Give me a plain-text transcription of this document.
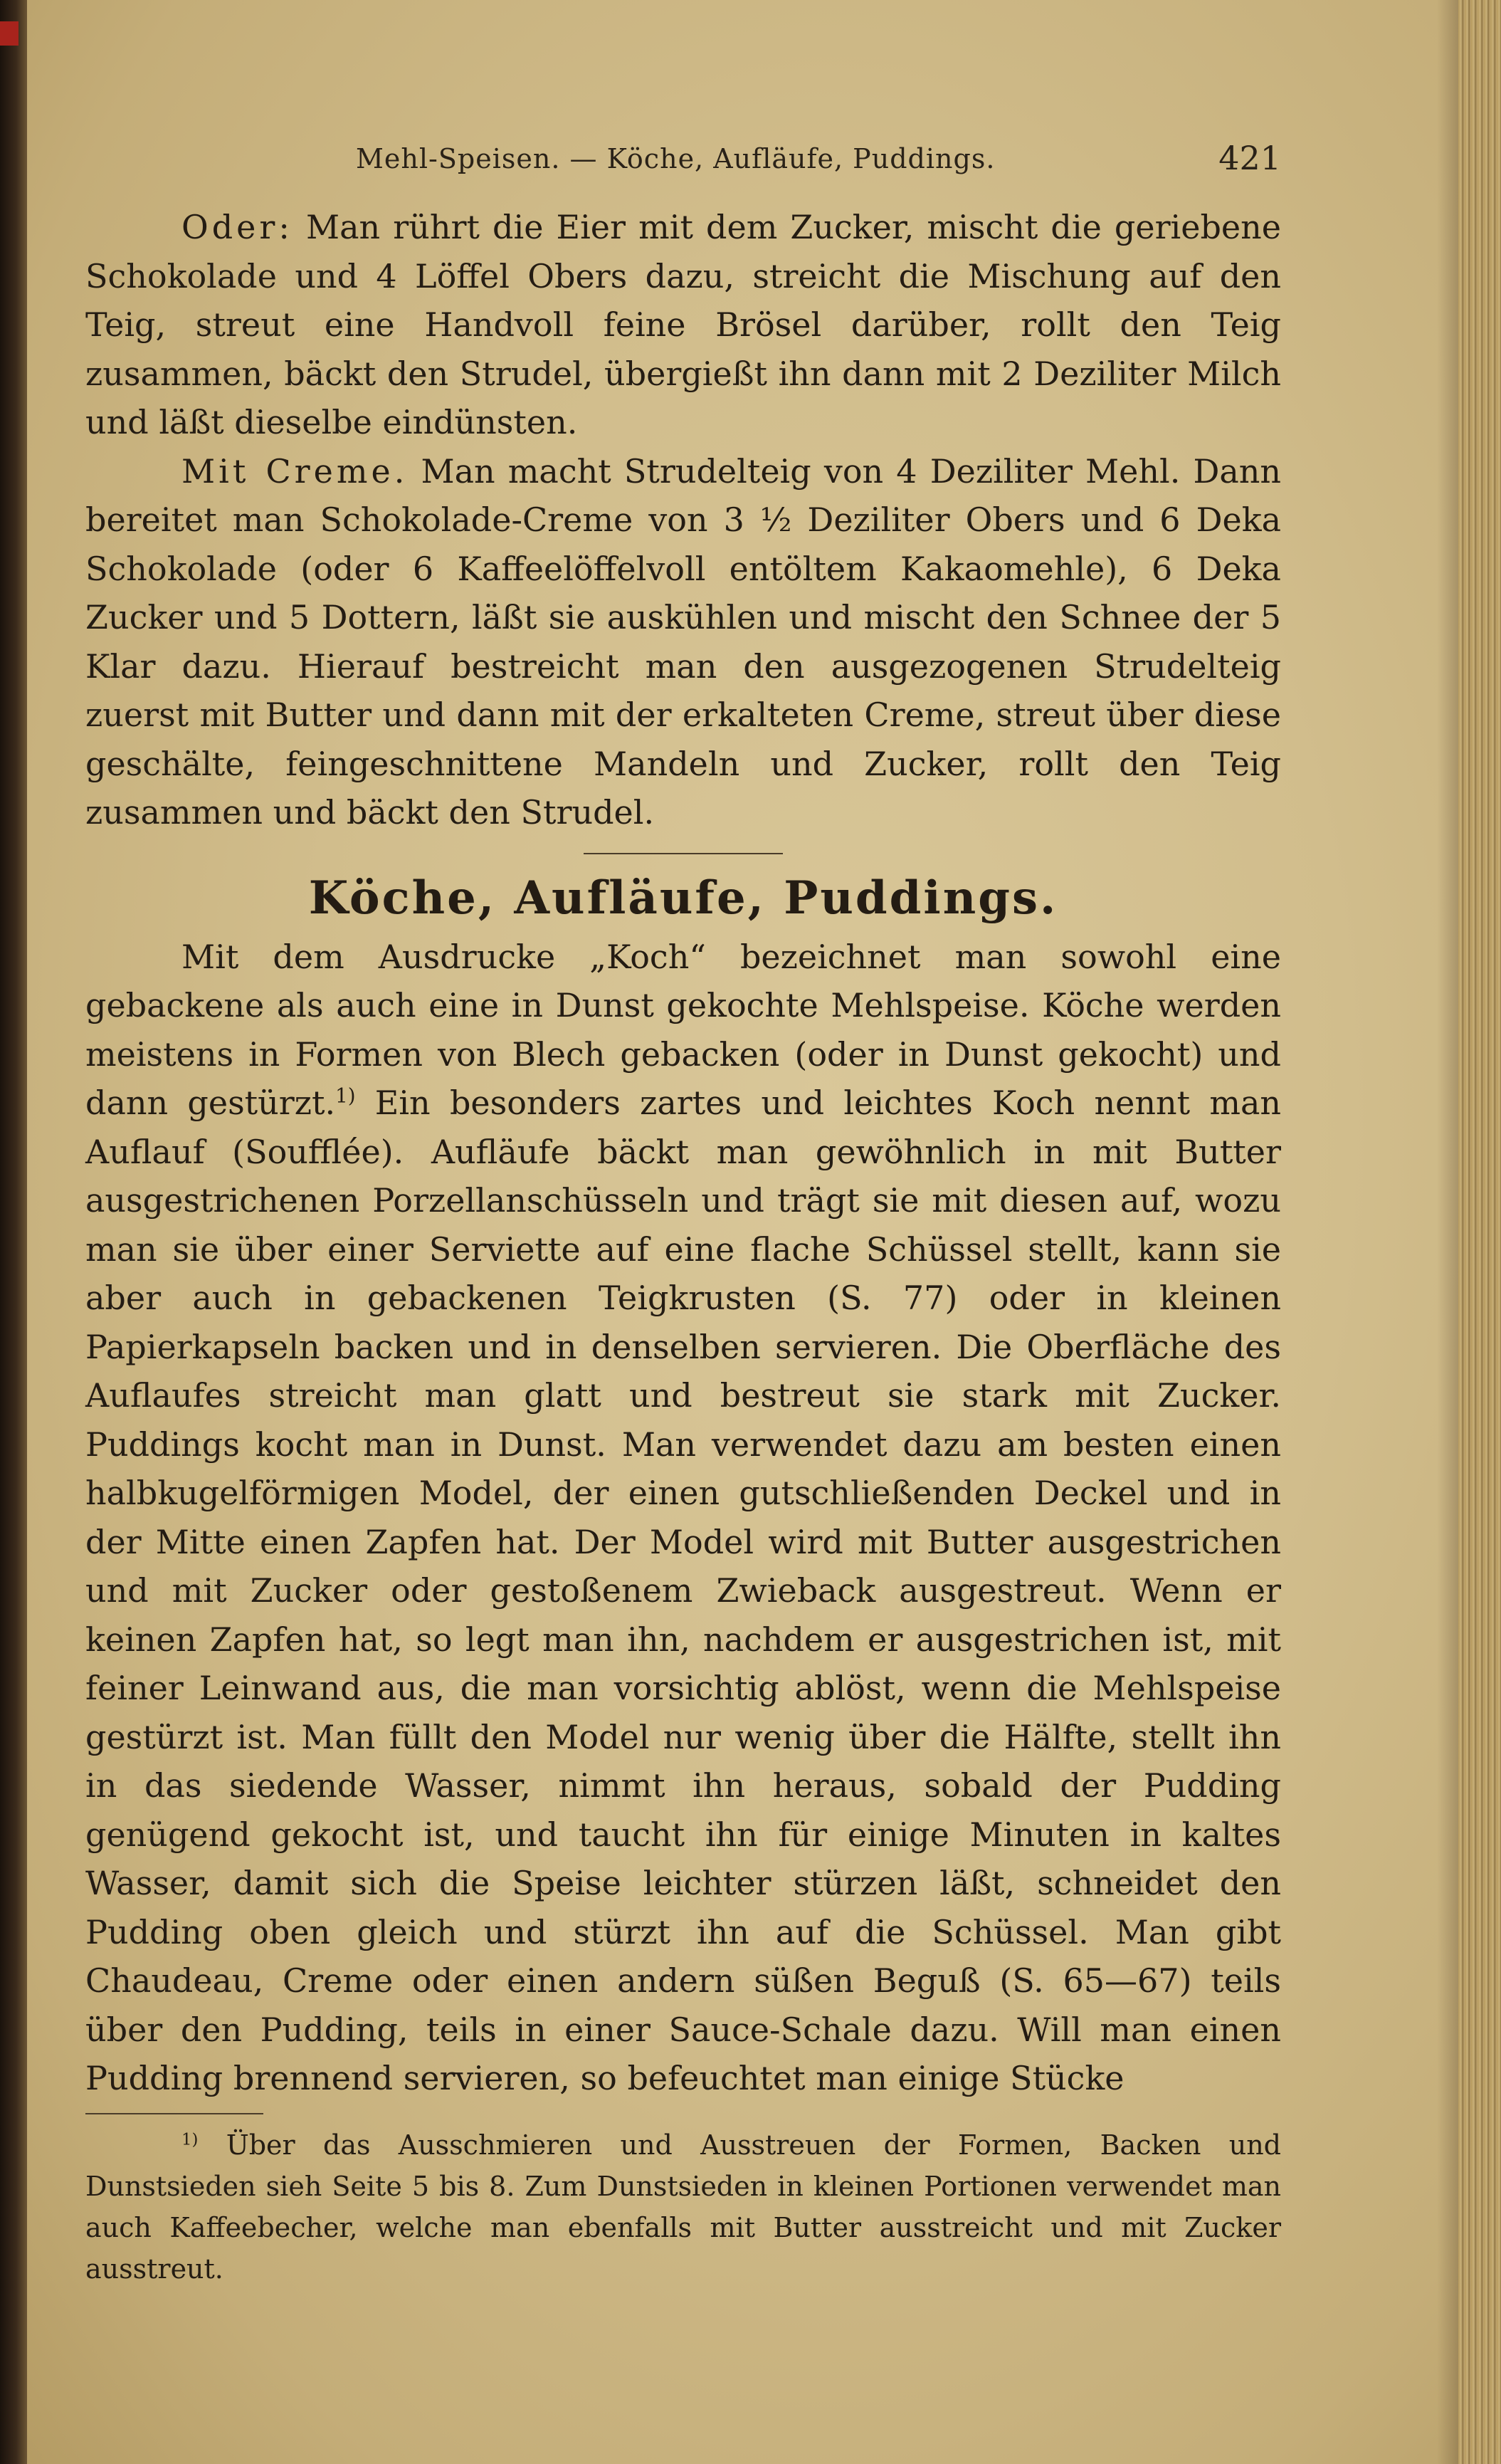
Mehl-Speisen. — Köche, Aufläufe, Puddings.	421

Oder: Man rührt die Eier mit dem Zucker, mischt die geriebene Schokolade und 4 Löffel Obers dazu, streicht die Mischung auf den Teig, streut eine Handvoll feine Brösel darüber, rollt den Teig zusammen, bäckt den Strudel, übergießt ihn dann mit 2 Deziliter Milch und läßt dieselbe eindünsten.

Mit Creme. Man macht Strudelteig von 4 Deziliter Mehl. Dann bereitet man Schokolade-Creme von 3 ½ Deziliter Obers und 6 Deka Schokolade (oder 6 Kaffeelöffelvoll entöltem Kakaomehle), 6 Deka Zucker und 5 Dottern, läßt sie auskühlen und mischt den Schnee der 5 Klar dazu. Hierauf bestreicht man den ausgezogenen Strudelteig zuerst mit Butter und dann mit der erkalteten Creme, streut über diese geschälte, feingeschnittene Mandeln und Zucker, rollt den Teig zusammen und bäckt den Strudel.

Köche, Aufläufe, Puddings.

Mit dem Ausdrucke „Koch“ bezeichnet man sowohl eine gebackene als auch eine in Dunst gekochte Mehlspeise. Köche werden meistens in Formen von Blech gebacken (oder in Dunst gekocht) und dann gestürzt.$^{1)}$ Ein besonders zartes und leichtes Koch nennt man Auflauf (Soufflée). Aufläufe bäckt man gewöhnlich in mit Butter ausgestrichenen Porzellanschüsseln und trägt sie mit diesen auf, wozu man sie über einer Serviette auf eine flache Schüssel stellt, kann sie aber auch in gebackenen Teigkrusten (S. 77) oder in kleinen Papierkapseln backen und in denselben servieren. Die Oberfläche des Auflaufes streicht man glatt und bestreut sie stark mit Zucker. Puddings kocht man in Dunst. Man verwendet dazu am besten einen halbkugelförmigen Model, der einen gutschließenden Deckel und in der Mitte einen Zapfen hat. Der Model wird mit Butter ausgestrichen und mit Zucker oder gestoßenem Zwieback ausgestreut. Wenn er keinen Zapfen hat, so legt man ihn, nachdem er ausgestrichen ist, mit feiner Leinwand aus, die man vorsichtig ablöst, wenn die Mehlspeise gestürzt ist. Man füllt den Model nur wenig über die Hälfte, stellt ihn in das siedende Wasser, nimmt ihn heraus, sobald der Pudding genügend gekocht ist, und taucht ihn für einige Minuten in kaltes Wasser, damit sich die Speise leichter stürzen läßt, schneidet den Pudding oben gleich und stürzt ihn auf die Schüssel. Man gibt Chaudeau, Creme oder einen andern süßen Beguß (S. 65—67) teils über den Pudding, teils in einer Sauce-Schale dazu. Will man einen Pudding brennend servieren, so befeuchtet man einige Stücke

$^{1)}$ Über das Ausschmieren und Ausstreuen der Formen, Backen und Dunstsieden sieh Seite 5 bis 8. Zum Dunstsieden in kleinen Portionen verwendet man auch Kaffeebecher, welche man ebenfalls mit Butter ausstreicht und mit Zucker ausstreut.
